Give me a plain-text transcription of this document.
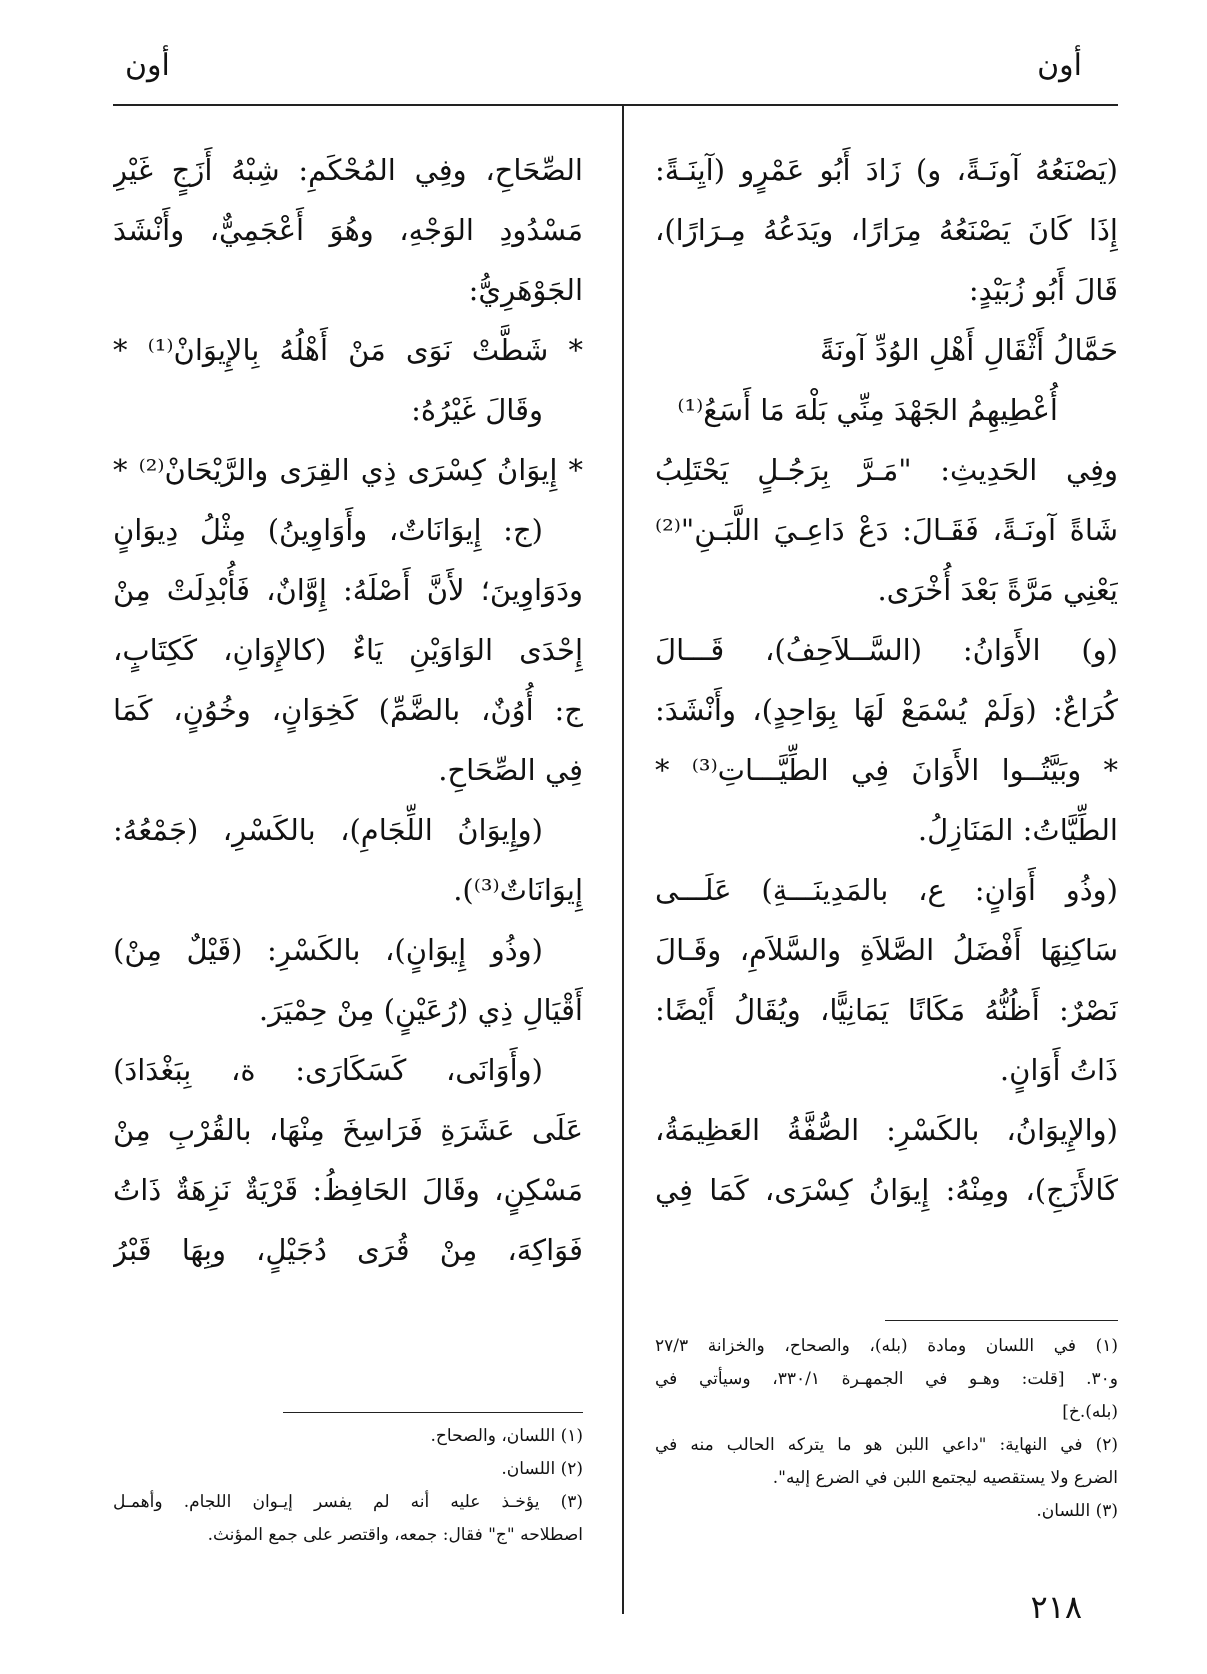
أون
أون
(يَصْنَعُهُ آونَـةً، و) زَادَ أَبُو عَمْرٍو (آيِنَـةً:
إِذَا كَانَ يَصْنَعُهُ مِرَارًا، ويَدَعُهُ مِـرَارًا)،
قَالَ أَبُو زُبَيْدٍ:
حَمَّالُ أَثْقَالِ أَهْلِ الوُدِّ آونَةً
أُعْطِيهِمُ الجَهْدَ مِنِّي بَلْهَ مَا أَسَعُ⁽¹⁾
وفِي الحَدِيثِ: "مَـرَّ بِرَجُـلٍ يَحْتَلِبُ
شَاةً آونَـةً، فَقَـالَ: دَعْ دَاعِـيَ اللَّبَـنِ"⁽²⁾
يَعْنِي مَرَّةً بَعْدَ أُخْرَى.
(و) الأَوَانُ: (السَّــلاَحِفُ)، قَـــالَ
كُرَاعٌ: (وَلَمْ يُسْمَعْ لَهَا بِوَاحِدٍ)، وأَنْشَدَ:
* وبَيَّتُــوا الأَوَانَ فِي الطِّيَّـــاتِ⁽³⁾ *
الطِّيَّاتُ: المَنَازِلُ.
(وذُو أَوَانٍ: ع، بالمَدِينَـــةِ) عَلَـــى
سَاكِنِهَا أَفْضَلُ الصَّلاَةِ والسَّلاَمِ، وقَـالَ
نَصْرٌ: أَظُنُّهُ مَكَانًا يَمَانِيًّا، ويُقَالُ أَيْضًا:
ذَاتُ أَوَانٍ.
(والإِيوَانُ، بالكَسْرِ: الصُّفَّةُ العَظِيمَةُ،
كَالأَزَجِ)، ومِنْهُ: إِيوَانُ كِسْرَى، كَمَا فِي
(١) في اللسان ومادة (بله)، والصحاح، والخزانة ٢٧/٣
و٣٠. [قلت: وهـو في الجمهـرة ٣٣٠/١، وسيأتي في
(بله).خ]
(٢) في النهاية: "داعي اللبن هو ما يتركه الحالب منه في
الضرع ولا يستقصيه ليجتمع اللبن في الضرع إليه".
(٣) اللسان.
الصِّحَاحِ، وفِي المُحْكَمِ: شِبْهُ أَزَجٍ غَيْرِ
مَسْدُودِ الوَجْهِ، وهُوَ أَعْجَمِيٌّ، وأَنْشَدَ
الجَوْهَرِيُّ:
* شَطَّتْ نَوَى مَنْ أَهْلُهُ بِالإِيوَانْ⁽¹⁾ *
وقَالَ غَيْرُهُ:
* إِيوَانُ كِسْرَى ذِي القِرَى والرَّيْحَانْ⁽²⁾ *
(ج: إِيوَانَاتٌ، وأَوَاوِينُ) مِثْلُ دِيوَانٍ
ودَوَاوِينَ؛ لأَنَّ أَصْلَهُ: إِوَّانٌ، فَأُبْدِلَتْ مِنْ
إِحْدَى الوَاوَيْنِ يَاءٌ (كالإِوَانِ، كَكِتَابٍ،
ج: أُوُنٌ، بالضَّمِّ) كَخِوَانٍ، وخُوُنٍ، كَمَا
فِي الصِّحَاحِ.
(وإِيوَانُ اللِّجَامِ)، بالكَسْرِ، (جَمْعُهُ:
إِيوَانَاتٌ⁽³⁾).
(وذُو إِيوَانٍ)، بالكَسْرِ: (قَيْلٌ مِنْ)
أَقْيَالِ ذِي (رُعَيْنٍ) مِنْ حِمْيَرَ.
(وأَوَانَى، كَسَكَارَى: ة، بِبَغْدَادَ)
عَلَى عَشَرَةِ فَرَاسِخَ مِنْهَا، بالقُرْبِ مِنْ
مَسْكِنٍ، وقَالَ الحَافِظُ: قَرْيَةٌ نَزِهَةٌ ذَاتُ
فَوَاكِهَ، مِنْ قُرَى دُجَيْلٍ، وبِهَا قَبْرُ
(١) اللسان، والصحاح.
(٢) اللسان.
(٣) يؤخـذ عليه أنه لم يفسر إيـوان اللجام. وأهمـل
اصطلاحه "ج" فقال: جمعه، واقتصر على جمع المؤنث.
٢١٨
